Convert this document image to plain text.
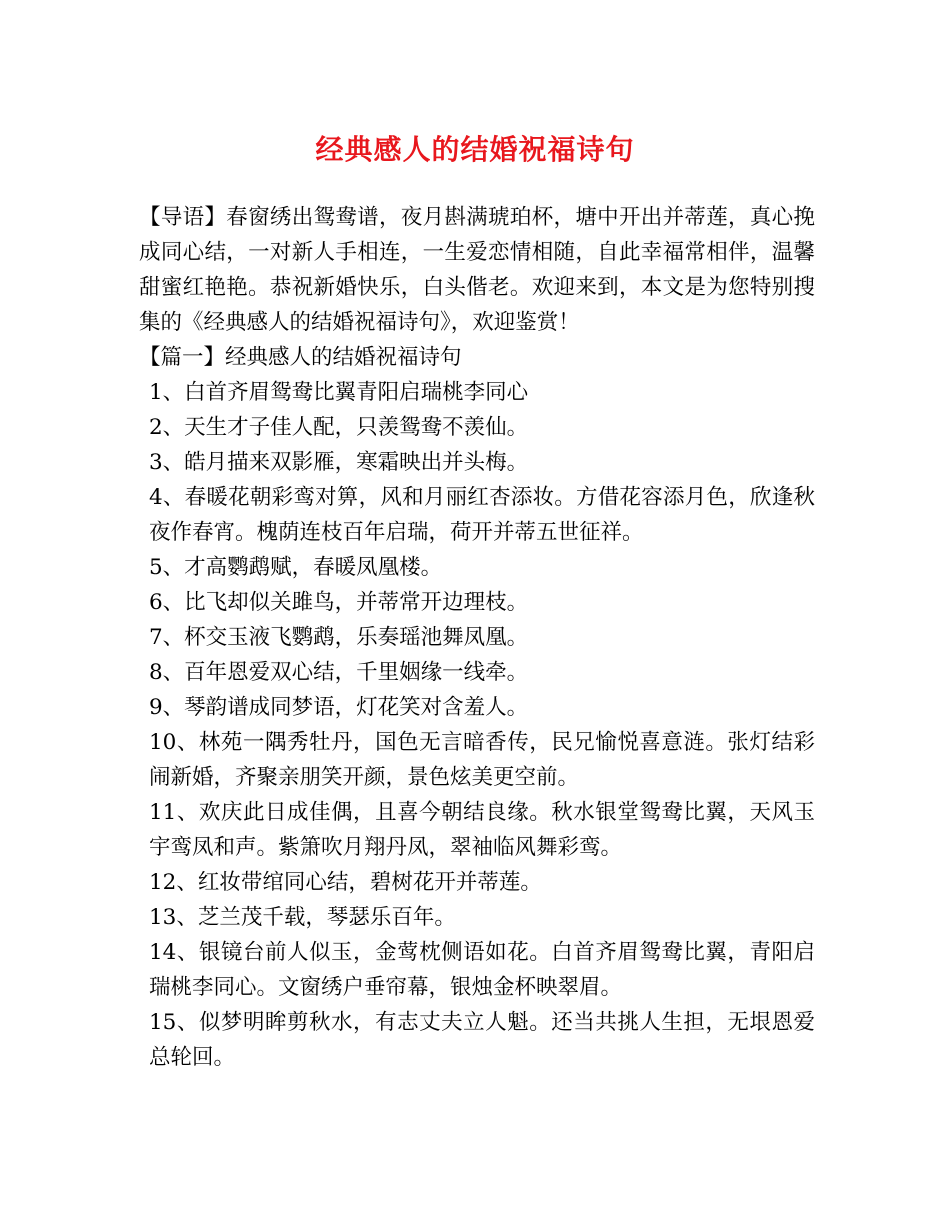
经典感人的结婚祝福诗句

【导语】春窗绣出鸳鸯谱，夜月斟满琥珀杯，塘中开出并蒂莲，真心挽成同心结，一对新人手相连，一生爱恋情相随，自此幸福常相伴，温馨甜蜜红艳艳。恭祝新婚快乐，白头偕老。欢迎来到，本文是为您特别搜集的《经典感人的结婚祝福诗句》，欢迎鉴赏！

【篇一】经典感人的结婚祝福诗句

1、白首齐眉鸳鸯比翼青阳启瑞桃李同心

2、天生才子佳人配，只羡鸳鸯不羡仙。

3、皓月描来双影雁，寒霜映出并头梅。

4、春暖花朝彩鸾对箅，风和月丽红杏添妆。方借花容添月色，欣逢秋夜作春宵。槐荫连枝百年启瑞，荷开并蒂五世征祥。

5、才高鹦鹉赋，春暖凤凰楼。

6、比飞却似关雎鸟，并蒂常开边理枝。

7、杯交玉液飞鹦鹉，乐奏瑶池舞凤凰。

8、百年恩爱双心结，千里姻缘一线牵。

9、琴韵谱成同梦语，灯花笑对含羞人。

10、林苑一隅秀牡丹，国色无言暗香传，民兄愉悦喜意涟。张灯结彩闹新婚，齐聚亲朋笑开颜，景色炫美更空前。

11、欢庆此日成佳偶，且喜今朝结良缘。秋水银堂鸳鸯比翼，天风玉宇鸾凤和声。紫箫吹月翔丹凤，翠袖临风舞彩鸾。

12、红妆带绾同心结，碧树花开并蒂莲。

13、芝兰茂千载，琴瑟乐百年。

14、银镜台前人似玉，金莺枕侧语如花。白首齐眉鸳鸯比翼，青阳启瑞桃李同心。文窗绣户垂帘幕，银烛金杯映翠眉。

15、似梦明眸剪秋水，有志丈夫立人魁。还当共挑人生担，无垠恩爱总轮回。
